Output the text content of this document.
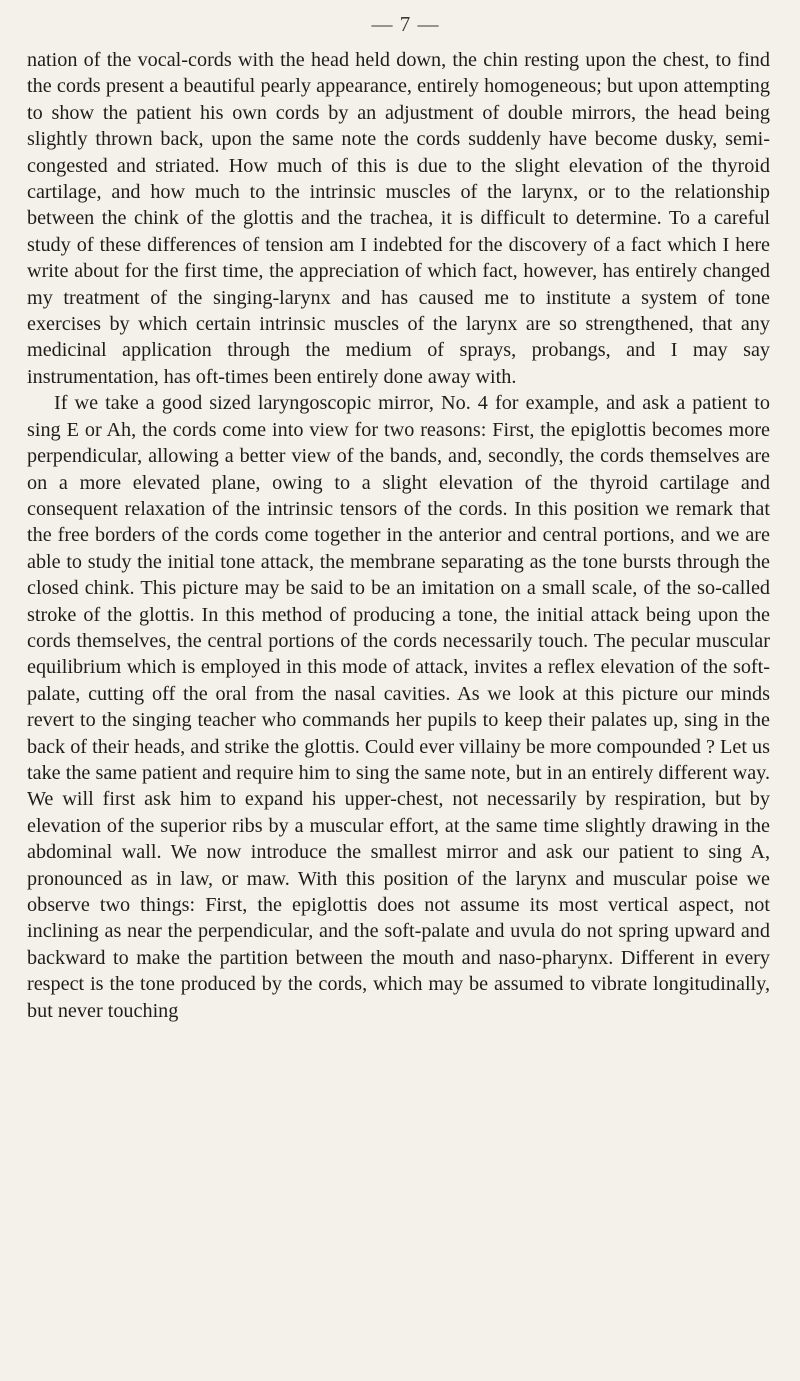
— 7 —

nation of the vocal-cords with the head held down, the chin resting upon the chest, to find the cords present a beautiful pearly appearance, entirely homogeneous; but upon attempting to show the patient his own cords by an adjustment of double mirrors, the head being slightly thrown back, upon the same note the cords suddenly have become dusky, semi-congested and striated. How much of this is due to the slight elevation of the thyroid cartilage, and how much to the intrinsic muscles of the larynx, or to the relationship between the chink of the glottis and the trachea, it is difficult to determine. To a careful study of these differences of tension am I indebted for the discovery of a fact which I here write about for the first time, the appreciation of which fact, however, has entirely changed my treatment of the singing-larynx and has caused me to institute a system of tone exercises by which certain intrinsic muscles of the larynx are so strengthened, that any medicinal application through the medium of sprays, probangs, and I may say instrumentation, has oft-times been entirely done away with.

If we take a good sized laryngoscopic mirror, No. 4 for example, and ask a patient to sing E or Ah, the cords come into view for two reasons: First, the epiglottis becomes more perpendicular, allowing a better view of the bands, and, secondly, the cords themselves are on a more elevated plane, owing to a slight elevation of the thyroid cartilage and consequent relaxation of the intrinsic tensors of the cords. In this position we remark that the free borders of the cords come together in the anterior and central portions, and we are able to study the initial tone attack, the membrane separating as the tone bursts through the closed chink. This picture may be said to be an imitation on a small scale, of the so-called stroke of the glottis. In this method of producing a tone, the initial attack being upon the cords themselves, the central portions of the cords necessarily touch. The pecular muscular equilibrium which is employed in this mode of attack, invites a reflex elevation of the soft-palate, cutting off the oral from the nasal cavities. As we look at this picture our minds revert to the singing teacher who commands her pupils to keep their palates up, sing in the back of their heads, and strike the glottis. Could ever villainy be more compounded ? Let us take the same patient and require him to sing the same note, but in an entirely different way. We will first ask him to expand his upper-chest, not necessarily by respiration, but by elevation of the superior ribs by a muscular effort, at the same time slightly drawing in the abdominal wall. We now introduce the smallest mirror and ask our patient to sing A, pronounced as in law, or maw. With this position of the larynx and muscular poise we observe two things: First, the epiglottis does not assume its most vertical aspect, not inclining as near the perpendicular, and the soft-palate and uvula do not spring upward and backward to make the partition between the mouth and naso-pharynx. Different in every respect is the tone produced by the cords, which may be assumed to vibrate longitudinally, but never touching
